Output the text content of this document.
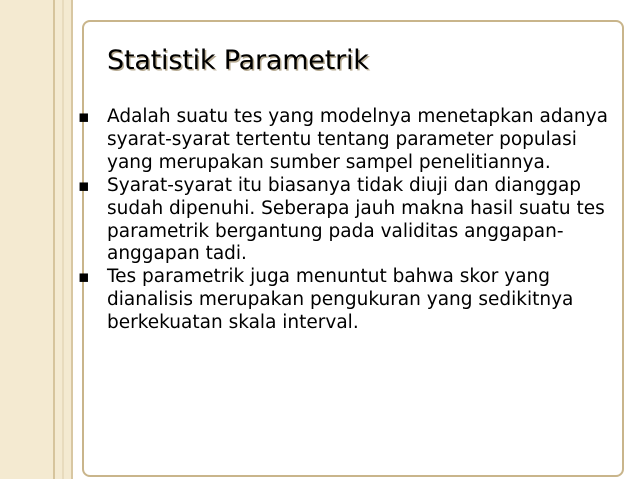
Statistik Parametrik
▪ Adalah suatu tes yang modelnya menetapkan adanya syarat-syarat tertentu tentang parameter populasi yang merupakan sumber sampel penelitiannya.
▪ Syarat-syarat itu biasanya tidak diuji dan dianggap sudah dipenuhi. Seberapa jauh makna hasil suatu tes parametrik bergantung pada validitas anggapan-anggapan tadi.
▪ Tes parametrik juga menuntut bahwa skor yang dianalisis merupakan pengukuran yang sedikitnya berkekuatan skala interval.
